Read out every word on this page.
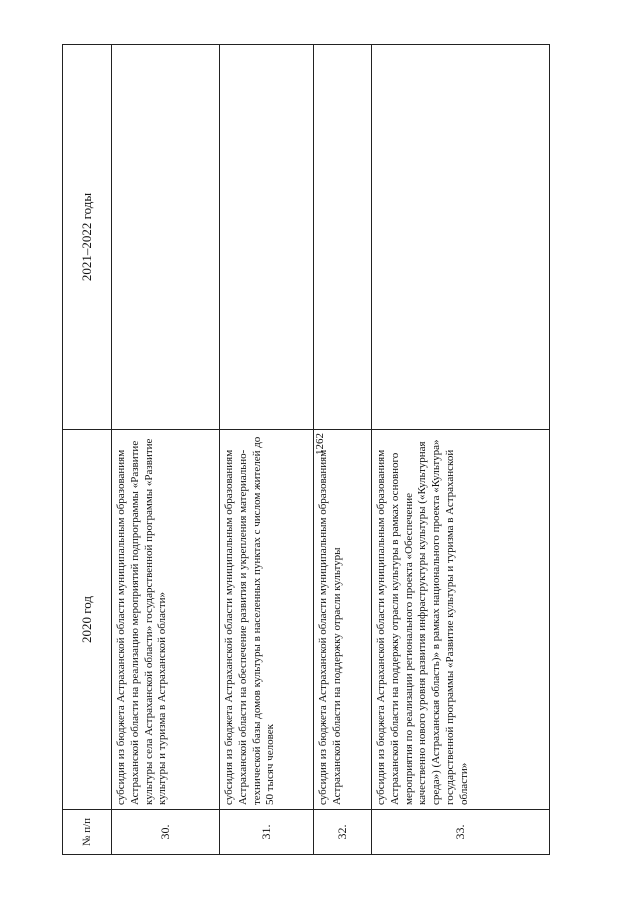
1262
№ п/п	2020 год	2021–2022 годы
30.	субсидия из бюджета Астраханской области муниципальным образованиям Астраханской области на реализацию мероприятий подпрограммы «Развитие культуры села Астраханской области» государственной программы «Развитие культуры и туризма в Астраханской области»	
31.	субсидия из бюджета Астраханской области муниципальным образованиям Астраханской области на обеспечение развития и укрепления материально-технической базы домов культуры в населенных пунктах с числом жителей до 50 тысяч человек	
32.	субсидия из бюджета Астраханской области муниципальным образованиям Астраханской области на поддержку отрасли культуры	
33.	субсидия из бюджета Астраханской области муниципальным образованиям Астраханской области на поддержку отрасли культуры в рамках основного мероприятия по реализации регионального проекта «Обеспечение качественно нового уровня развития инфраструктуры культуры («Культурная среда») (Астраханская область)» в рамках национального проекта «Культура» государственной программы «Развитие культуры и туризма в Астраханской области»	
